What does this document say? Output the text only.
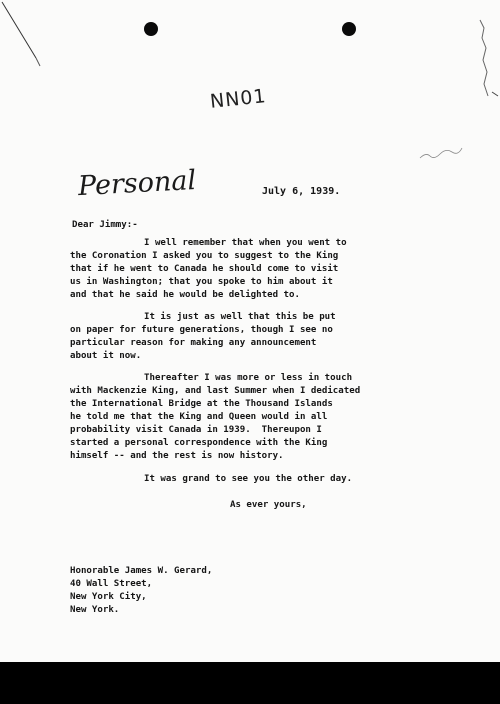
NN01
Personal	July 6, 1939.
Dear Jimmy:-
I well remember that when you went to
the Coronation I asked you to suggest to the King
that if he went to Canada he should come to visit
us in Washington; that you spoke to him about it
and that he said he would be delighted to.
It is just as well that this be put
on paper for future generations, though I see no
particular reason for making any announcement
about it now.
Thereafter I was more or less in touch
with Mackenzie King, and last Summer when I dedicated
the International Bridge at the Thousand Islands
he told me that the King and Queen would in all
probability visit Canada in 1939.  Thereupon I
started a personal correspondence with the King
himself -- and the rest is now history.
It was grand to see you the other day.
As ever yours,
Honorable James W. Gerard,
40 Wall Street,
New York City,
New York.
